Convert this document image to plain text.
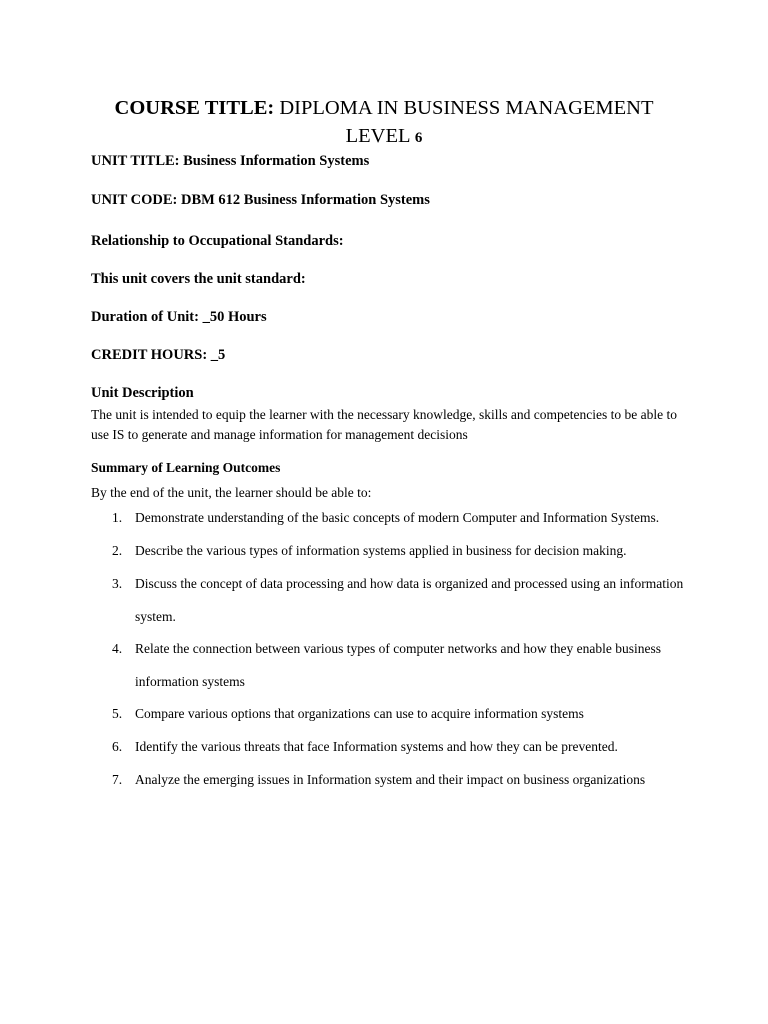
COURSE TITLE: DIPLOMA IN BUSINESS MANAGEMENT
LEVEL 6
UNIT TITLE: Business Information Systems
UNIT CODE: DBM 612 Business Information Systems
Relationship to Occupational Standards:
This unit covers the unit standard:
Duration of Unit: _50 Hours
CREDIT HOURS: _5
Unit Description
The unit is intended to equip the learner with the necessary knowledge, skills and competencies to be able to use IS to generate and manage information for management decisions
Summary of Learning Outcomes
By the end of the unit, the learner should be able to:
1. Demonstrate understanding of the basic concepts of modern Computer and Information Systems.
2. Describe the various types of information systems applied in business for decision making.
3. Discuss the concept of data processing and how data is organized and processed using an information system.
4. Relate the connection between various types of computer networks and how they enable business information systems
5. Compare various options that organizations can use to acquire information systems
6. Identify the various threats that face Information systems and how they can be prevented.
7. Analyze the emerging issues in Information system and their impact on business organizations
